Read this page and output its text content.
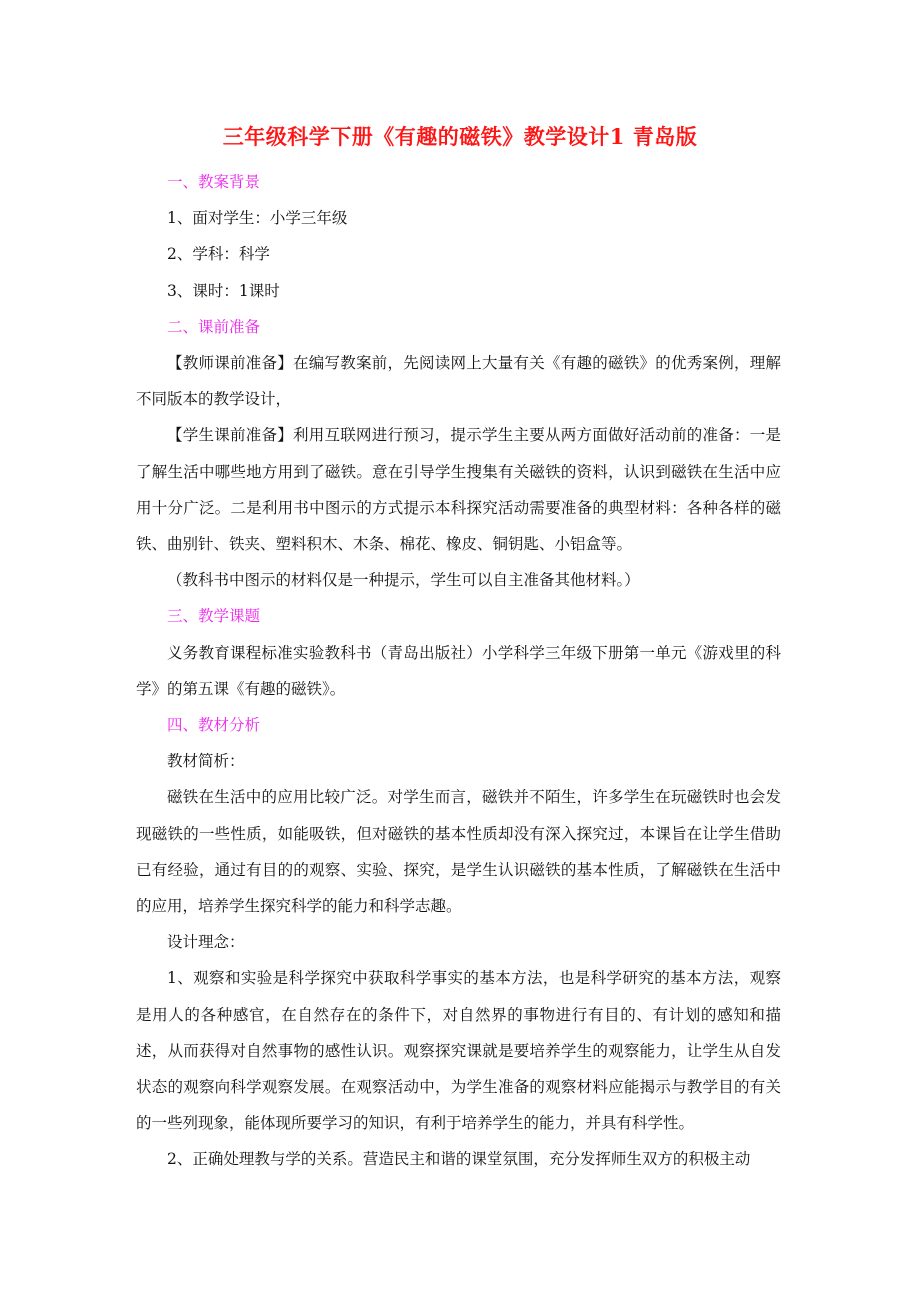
三年级科学下册《有趣的磁铁》教学设计1 青岛版

一、教案背景

1、面对学生：小学三年级

2、学科：科学

3、课时：1课时

二、课前准备

【教师课前准备】在编写教案前，先阅读网上大量有关《有趣的磁铁》的优秀案例，理解不同版本的教学设计，

【学生课前准备】利用互联网进行预习，提示学生主要从两方面做好活动前的准备：一是了解生活中哪些地方用到了磁铁。意在引导学生搜集有关磁铁的资料，认识到磁铁在生活中应用十分广泛。二是利用书中图示的方式提示本科探究活动需要准备的典型材料：各种各样的磁铁、曲别针、铁夹、塑料积木、木条、棉花、橡皮、铜钥匙、小铝盒等。

（教科书中图示的材料仅是一种提示，学生可以自主准备其他材料。）

三、教学课题

义务教育课程标准实验教科书（青岛出版社）小学科学三年级下册第一单元《游戏里的科学》的第五课《有趣的磁铁》。

四、教材分析

教材简析：

磁铁在生活中的应用比较广泛。对学生而言，磁铁并不陌生，许多学生在玩磁铁时也会发现磁铁的一些性质，如能吸铁，但对磁铁的基本性质却没有深入探究过，本课旨在让学生借助已有经验，通过有目的的观察、实验、探究，是学生认识磁铁的基本性质，了解磁铁在生活中的应用，培养学生探究科学的能力和科学志趣。

设计理念：

1、观察和实验是科学探究中获取科学事实的基本方法，也是科学研究的基本方法，观察是用人的各种感官，在自然存在的条件下，对自然界的事物进行有目的、有计划的感知和描述，从而获得对自然事物的感性认识。观察探究课就是要培养学生的观察能力，让学生从自发状态的观察向科学观察发展。在观察活动中，为学生准备的观察材料应能揭示与教学目的有关的一些列现象，能体现所要学习的知识，有利于培养学生的能力，并具有科学性。

2、正确处理教与学的关系。营造民主和谐的课堂氛围，充分发挥师生双方的积极主动
